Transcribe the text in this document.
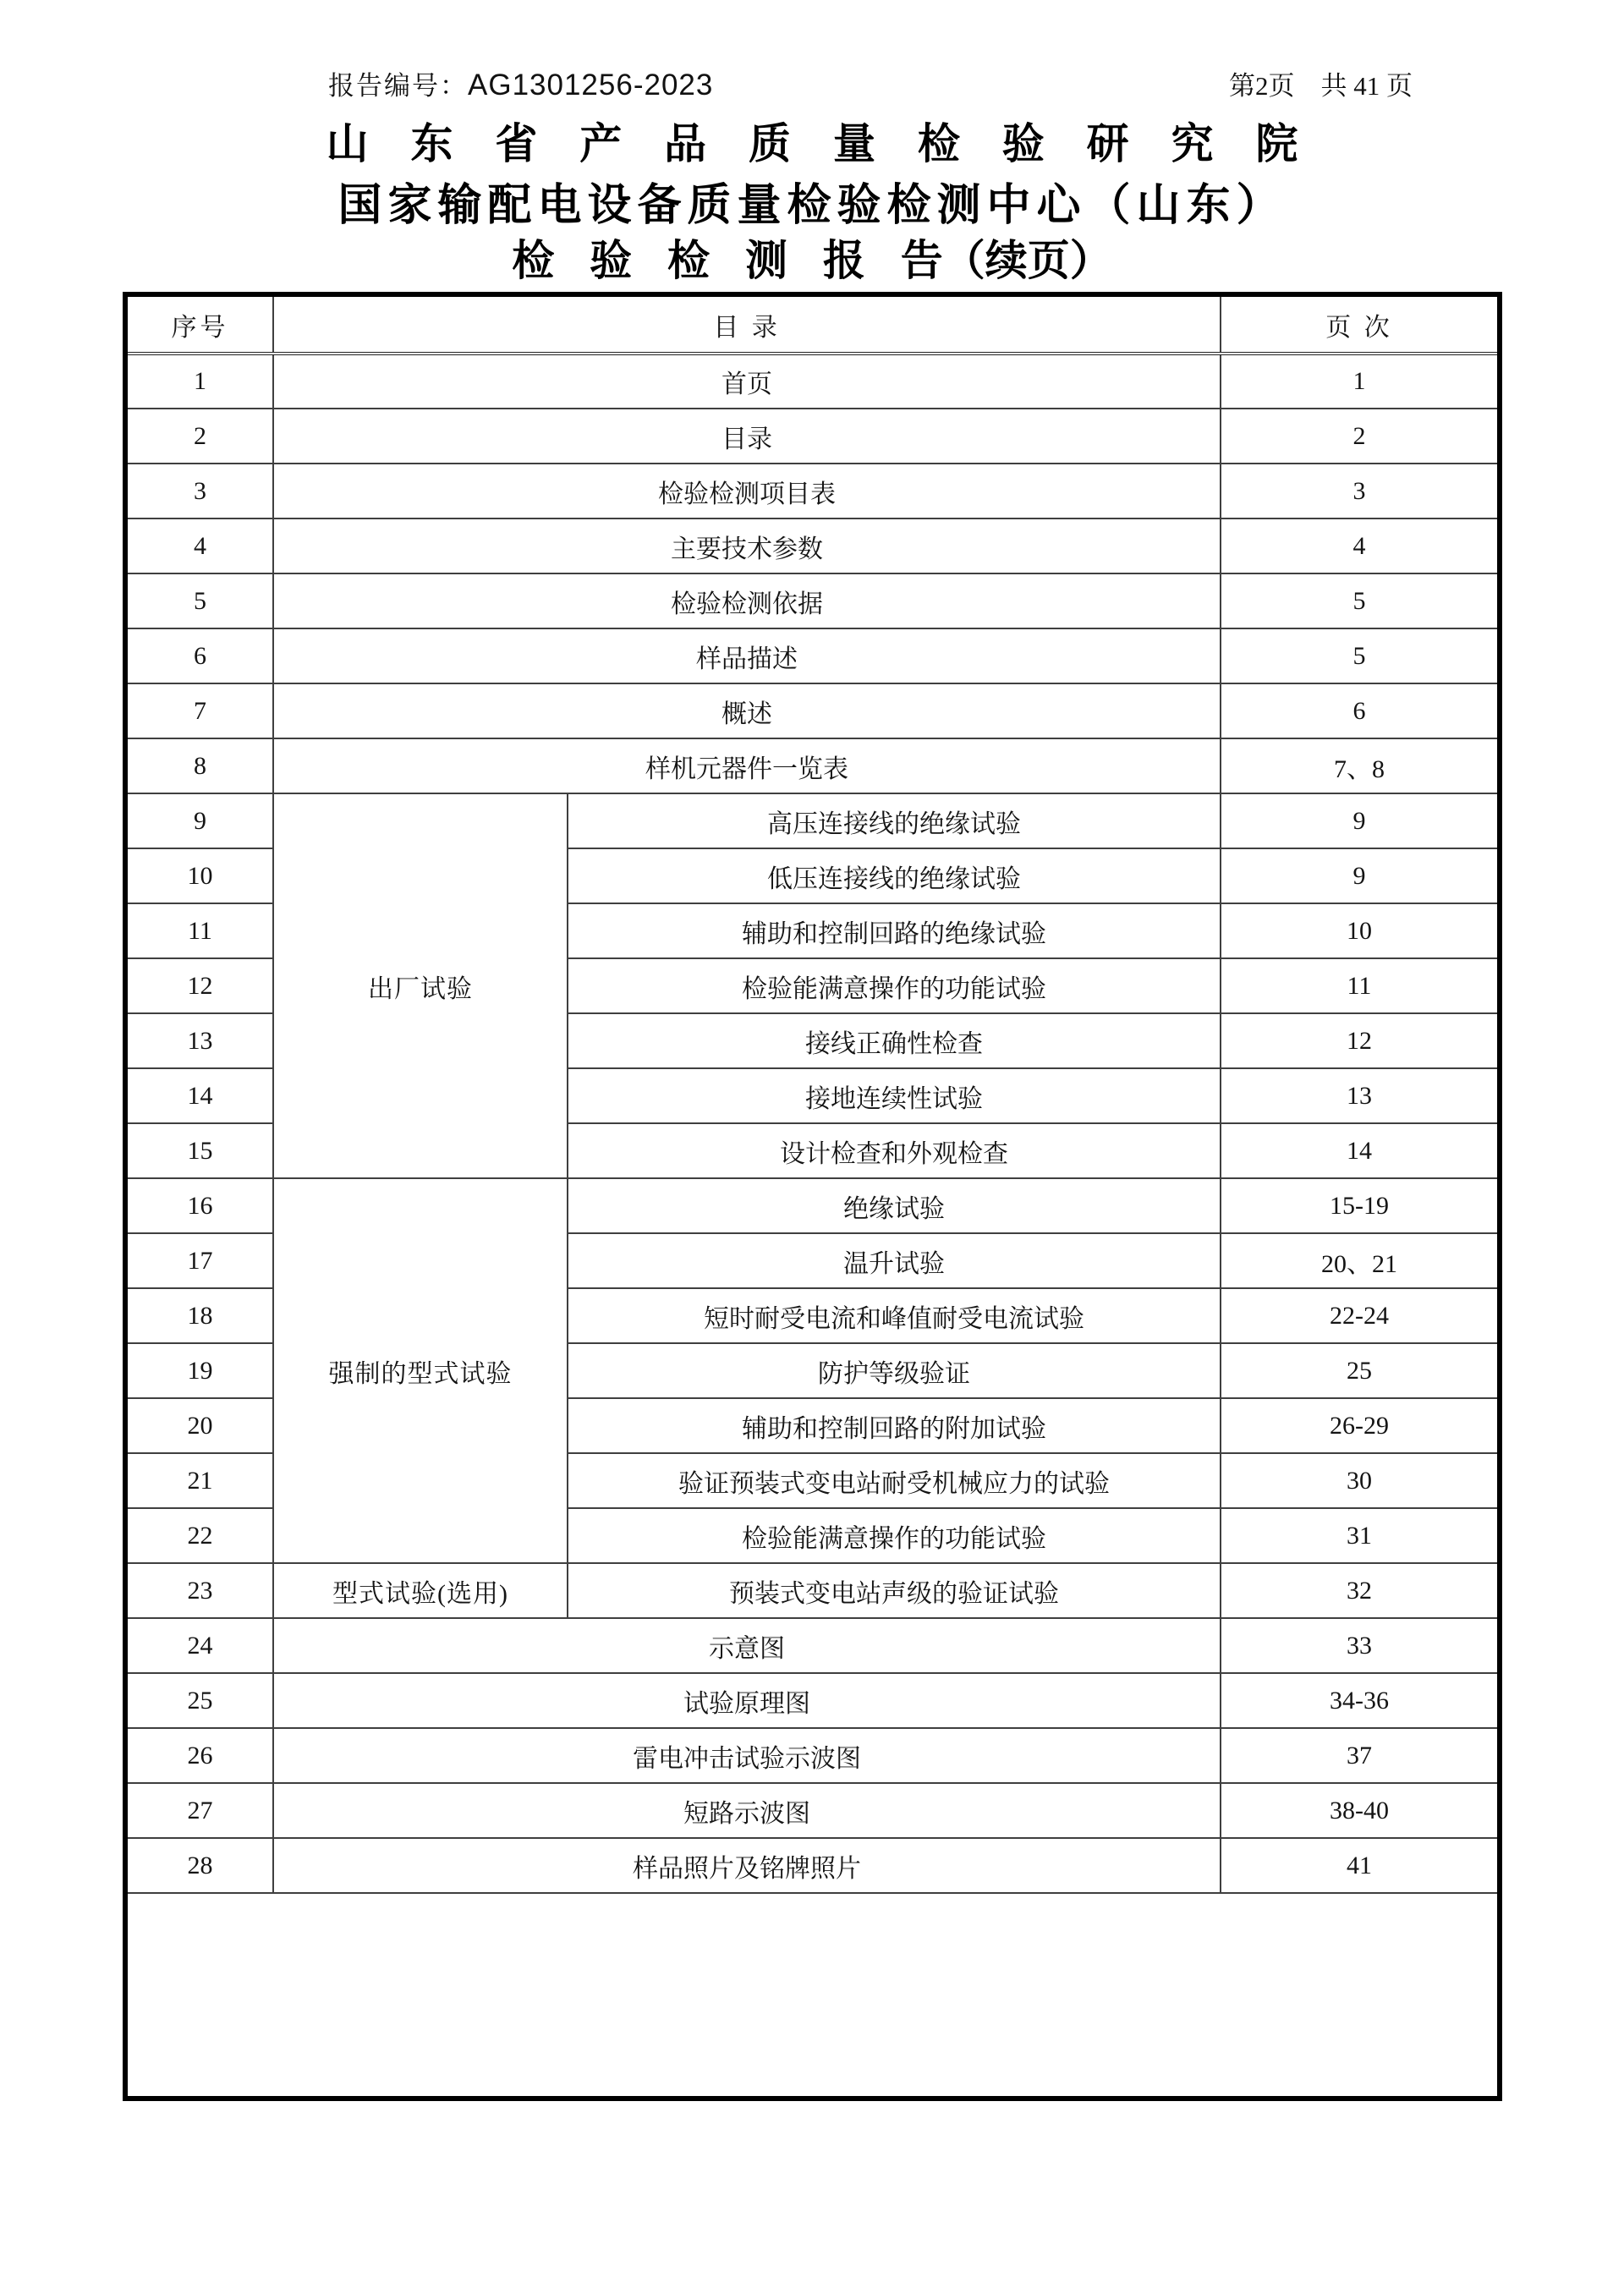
报告编号：AG1301256-2023	第2页　共 41 页
山 东 省 产 品 质 量 检 验 研 究 院
国家输配电设备质量检验检测中心（山东）
检 验 检 测 报 告（续页）
序号	目 录		页 次
1	首页		1
2	目录		2
3	检验检测项目表		3
4	主要技术参数		4
5	检验检测依据		5
6	样品描述		5
7	概述		6
8	样机元器件一览表		7、8
9	出厂试验	高压连接线的绝缘试验	9
10		低压连接线的绝缘试验	9
11		辅助和控制回路的绝缘试验	10
12		检验能满意操作的功能试验	11
13		接线正确性检查	12
14		接地连续性试验	13
15		设计检查和外观检查	14
16	强制的型式试验	绝缘试验	15-19
17		温升试验	20、21
18		短时耐受电流和峰值耐受电流试验	22-24
19		防护等级验证	25
20		辅助和控制回路的附加试验	26-29
21		验证预装式变电站耐受机械应力的试验	30
22		检验能满意操作的功能试验	31
23	型式试验(选用)	预装式变电站声级的验证试验	32
24	示意图		33
25	试验原理图		34-36
26	雷电冲击试验示波图		37
27	短路示波图		38-40
28	样品照片及铭牌照片		41
